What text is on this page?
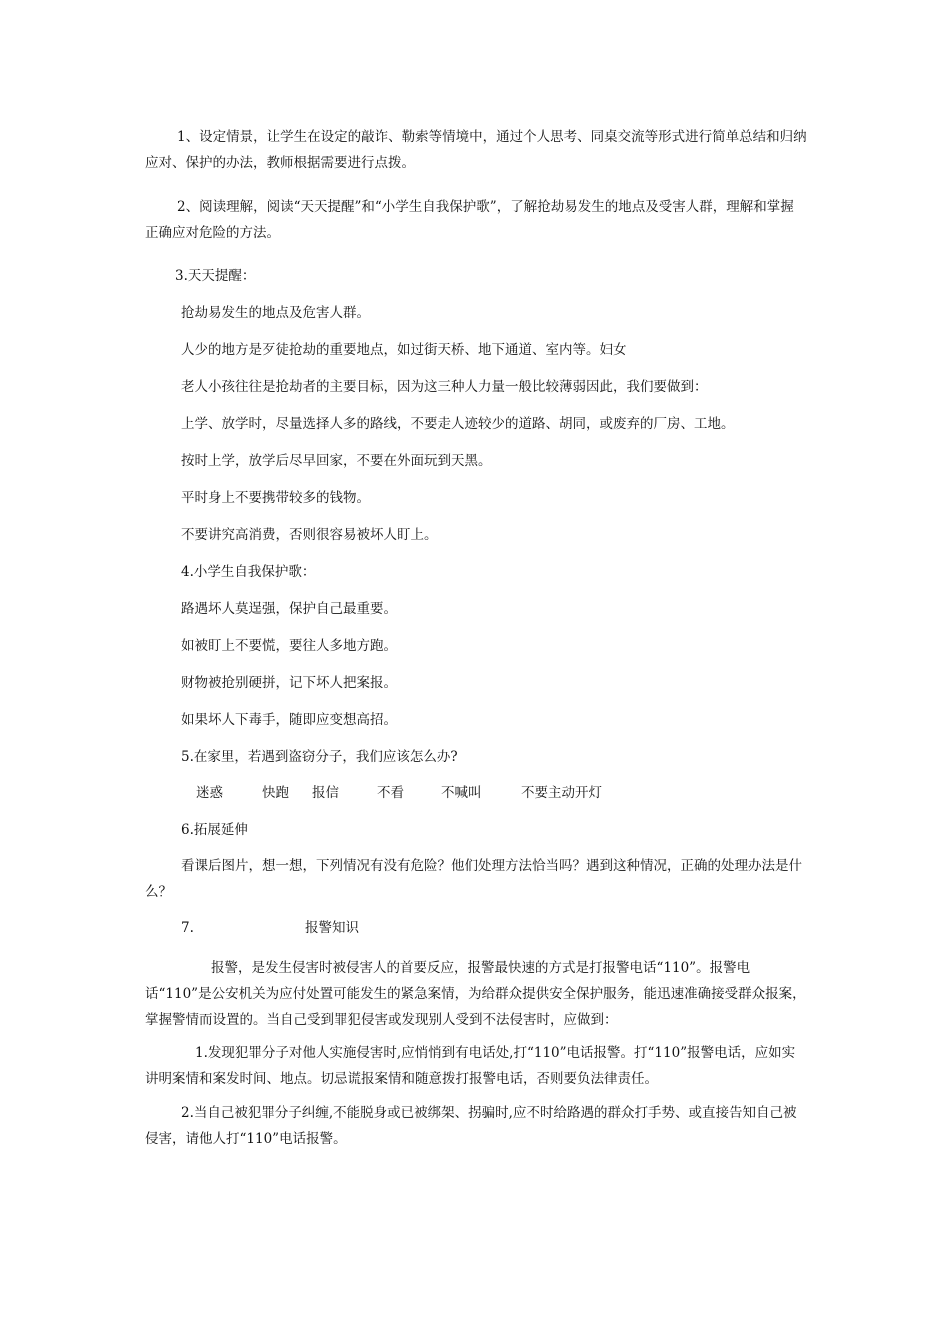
1、设定情景，让学生在设定的敲诈、勒索等情境中，通过个人思考、同桌交流等形式进行简单总结和归纳应对、保护的办法，教师根据需要进行点拨。

2、阅读理解，阅读“天天提醒”和“小学生自我保护歌”，了解抢劫易发生的地点及受害人群，理解和掌握正确应对危险的方法。

3.天天提醒：

抢劫易发生的地点及危害人群。

人少的地方是歹徒抢劫的重要地点，如过街天桥、地下通道、室内等。妇女

老人小孩往往是抢劫者的主要目标，因为这三种人力量一般比较薄弱因此，我们要做到：

上学、放学时，尽量选择人多的路线，不要走人迹较少的道路、胡同，或废弃的厂房、工地。

按时上学，放学后尽早回家，不要在外面玩到天黑。

平时身上不要携带较多的钱物。

不要讲究高消费，否则很容易被坏人盯上。

4.小学生自我保护歌：

路遇坏人莫逞强，保护自己最重要。

如被盯上不要慌，要往人多地方跑。

财物被抢别硬拼，记下坏人把案报。

如果坏人下毒手，随即应变想高招。

5.在家里，若遇到盗窃分子，我们应该怎么办?

迷惑	快跑 报信	不看	不喊叫	不要主动开灯

6.拓展延伸

看课后图片，想一想，下列情况有没有危险？他们处理方法恰当吗？遇到这种情况，正确的处理办法是什么？

7.	报警知识

报警，是发生侵害时被侵害人的首要反应，报警最快速的方式是打报警电话“110”。报警电话“110”是公安机关为应付处置可能发生的紧急案情，为给群众提供安全保护服务，能迅速准确接受群众报案，掌握警情而设置的。当自己受到罪犯侵害或发现别人受到不法侵害时，应做到：

1.发现犯罪分子对他人实施侵害时,应悄悄到有电话处,打“110”电话报警。打“110”报警电话，应如实讲明案情和案发时间、地点。切忌谎报案情和随意拨打报警电话，否则要负法律责任。

2.当自己被犯罪分子纠缠,不能脱身或已被绑架、拐骗时,应不时给路遇的群众打手势、或直接告知自己被侵害，请他人打“110”电话报警。
